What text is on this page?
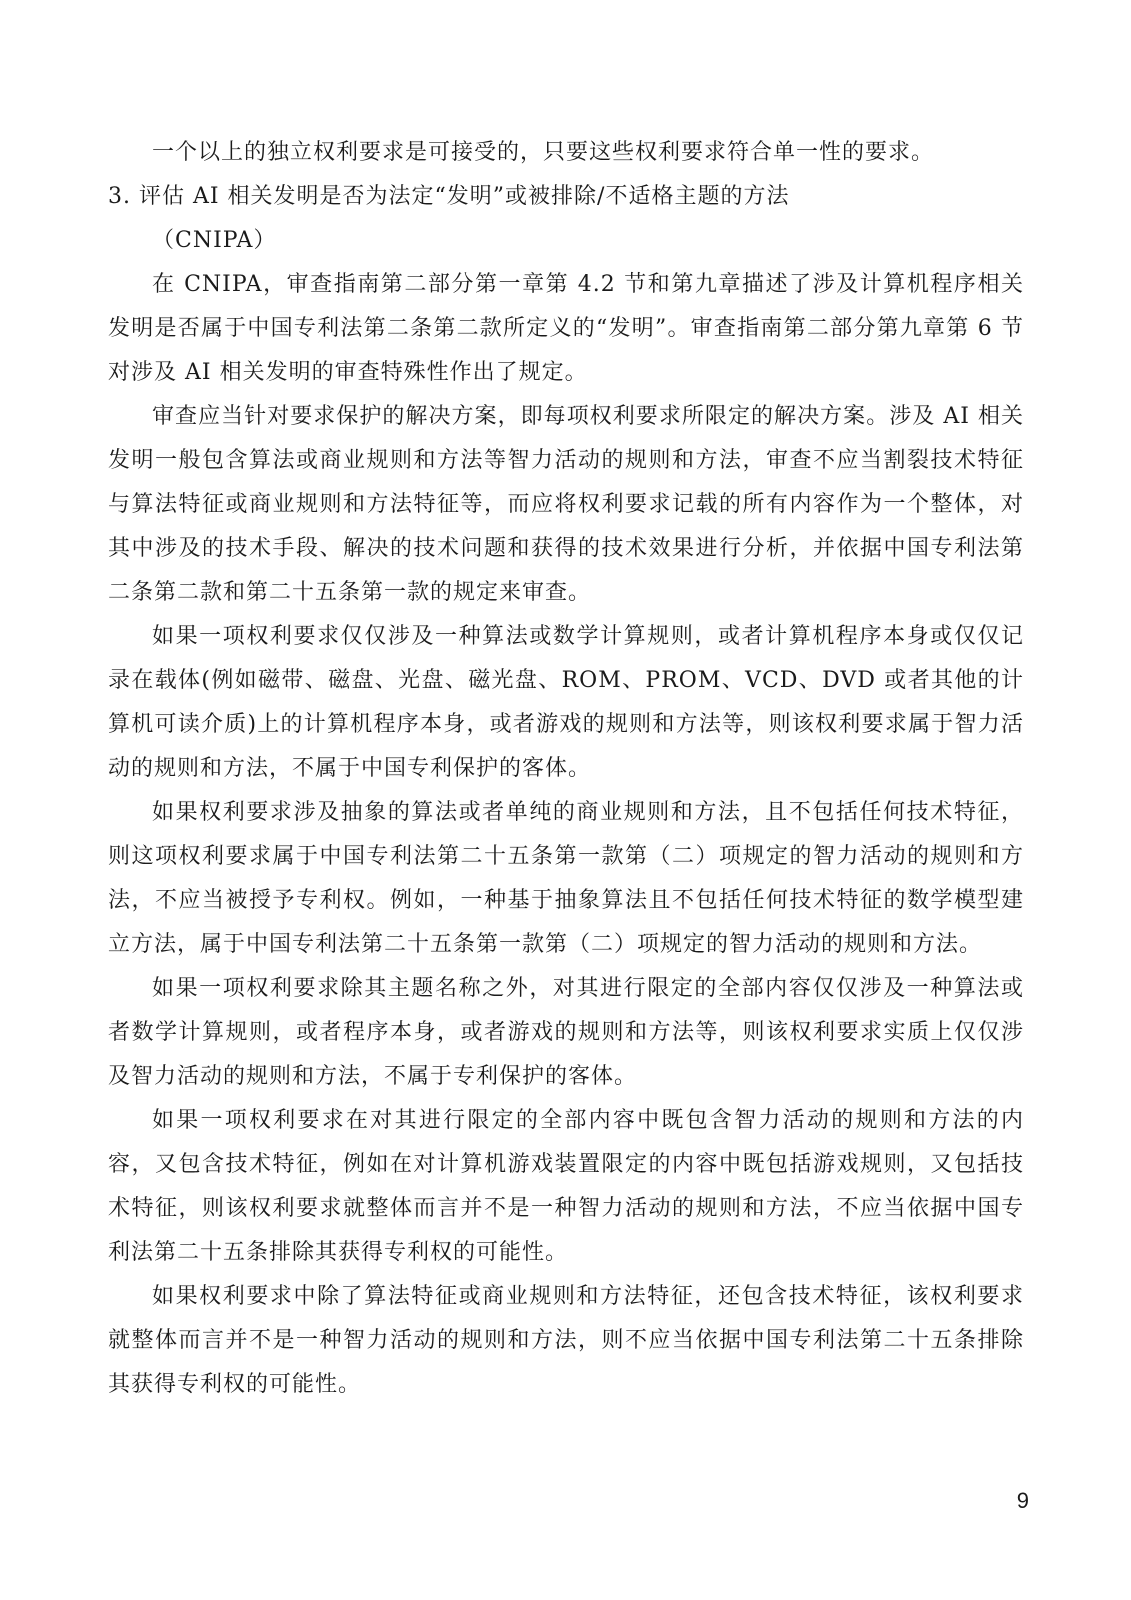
一个以上的独立权利要求是可接受的，只要这些权利要求符合单一性的要求。

3. 评估 AI 相关发明是否为法定“发明”或被排除/不适格主题的方法

（CNIPA）

在 CNIPA，审查指南第二部分第一章第 4.2 节和第九章描述了涉及计算机程序相关发明是否属于中国专利法第二条第二款所定义的“发明”。审查指南第二部分第九章第 6 节对涉及 AI 相关发明的审查特殊性作出了规定。

审查应当针对要求保护的解决方案，即每项权利要求所限定的解决方案。涉及 AI 相关发明一般包含算法或商业规则和方法等智力活动的规则和方法，审查不应当割裂技术特征与算法特征或商业规则和方法特征等，而应将权利要求记载的所有内容作为一个整体，对其中涉及的技术手段、解决的技术问题和获得的技术效果进行分析，并依据中国专利法第二条第二款和第二十五条第一款的规定来审查。

如果一项权利要求仅仅涉及一种算法或数学计算规则，或者计算机程序本身或仅仅记录在载体(例如磁带、磁盘、光盘、磁光盘、ROM、PROM、VCD、DVD 或者其他的计算机可读介质)上的计算机程序本身，或者游戏的规则和方法等，则该权利要求属于智力活动的规则和方法，不属于中国专利保护的客体。

如果权利要求涉及抽象的算法或者单纯的商业规则和方法，且不包括任何技术特征，则这项权利要求属于中国专利法第二十五条第一款第（二）项规定的智力活动的规则和方法，不应当被授予专利权。例如，一种基于抽象算法且不包括任何技术特征的数学模型建立方法，属于中国专利法第二十五条第一款第（二）项规定的智力活动的规则和方法。

如果一项权利要求除其主题名称之外，对其进行限定的全部内容仅仅涉及一种算法或者数学计算规则，或者程序本身，或者游戏的规则和方法等，则该权利要求实质上仅仅涉及智力活动的规则和方法，不属于专利保护的客体。

如果一项权利要求在对其进行限定的全部内容中既包含智力活动的规则和方法的内容，又包含技术特征，例如在对计算机游戏装置限定的内容中既包括游戏规则，又包括技术特征，则该权利要求就整体而言并不是一种智力活动的规则和方法，不应当依据中国专利法第二十五条排除其获得专利权的可能性。

如果权利要求中除了算法特征或商业规则和方法特征，还包含技术特征，该权利要求就整体而言并不是一种智力活动的规则和方法，则不应当依据中国专利法第二十五条排除其获得专利权的可能性。

9
